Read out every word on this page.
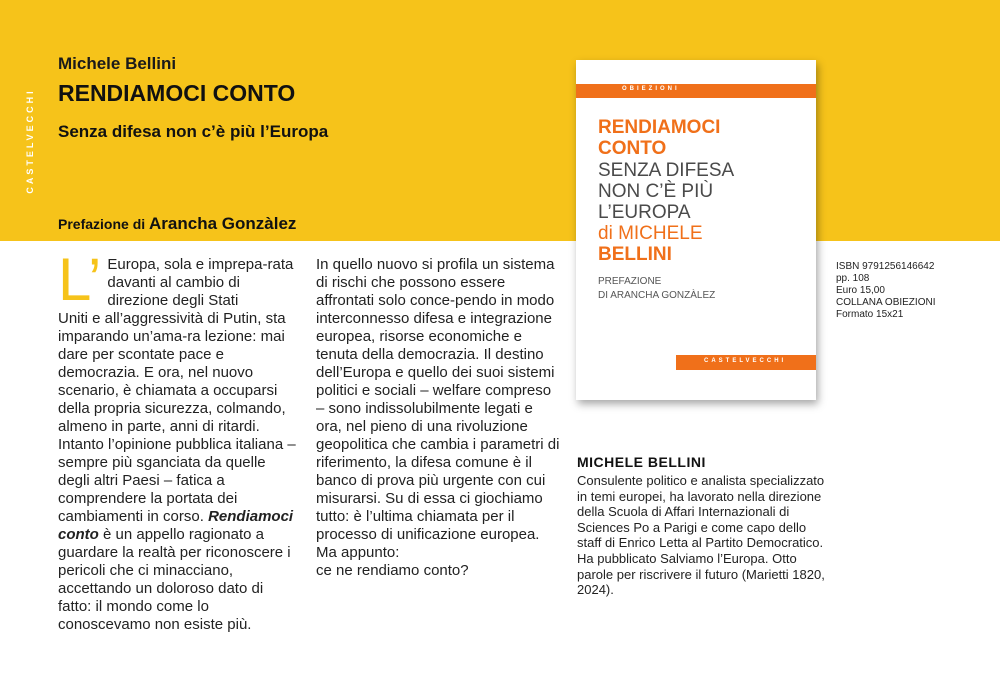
CASTELVECCHI
Michele Bellini
RENDIAMOCI CONTO
Senza difesa non c’è più l’Europa
Prefazione di Arancha Gonzàlez
L’ Europa, sola e imprepa-rata davanti al cambio di direzione degli Stati
Uniti e all’aggressività di Putin, sta imparando un’ama-ra lezione: mai dare per scontate pace e democrazia. E ora, nel nuovo scenario, è chiamata a occuparsi della propria sicurezza, colmando, almeno in parte, anni di ritardi. Intanto l’opinione pubblica italiana – sempre più sganciata da quelle degli altri Paesi – fatica a comprendere la portata dei cambiamenti in corso. Rendiamoci conto è un appello ragionato a guardare la realtà per riconoscere i pericoli che ci minacciano, accettando un doloroso dato di fatto: il mondo come lo conoscevamo non esiste più.
In quello nuovo si profila un sistema di rischi che possono essere affrontati solo conce-pendo in modo interconnesso difesa e integrazione europea, risorse economiche e tenuta della democrazia. Il destino dell’Europa e quello dei suoi sistemi politici e sociali – welfare compreso – sono indissolubilmente legati e ora, nel pieno di una rivoluzione geopolitica che cambia i parametri di riferimento, la difesa comune è il banco di prova più urgente con cui misurarsi. Su di essa ci giochiamo tutto: è l’ultima chiamata per il processo di unificazione europea. Ma appunto:
ce ne rendiamo conto?
OBIEZIONI
RENDIAMOCI
CONTO
SENZA DIFESA
NON C’È PIÙ
L’EUROPA
di MICHELE
BELLINI
PREFAZIONE
DI ARANCHA GONZÀLEZ
CASTELVECCHI
ISBN 9791256146642
pp. 108
Euro 15,00
COLLANA OBIEZIONI
Formato 15x21
MICHELE BELLINI
Consulente politico e analista specializzato in temi europei, ha lavorato nella direzione della Scuola di Affari Internazionali di Sciences Po a Parigi e come capo dello staff di Enrico Letta al Partito Democratico. Ha pubblicato Salviamo l’Europa. Otto parole per riscrivere il futuro (Marietti 1820, 2024).
